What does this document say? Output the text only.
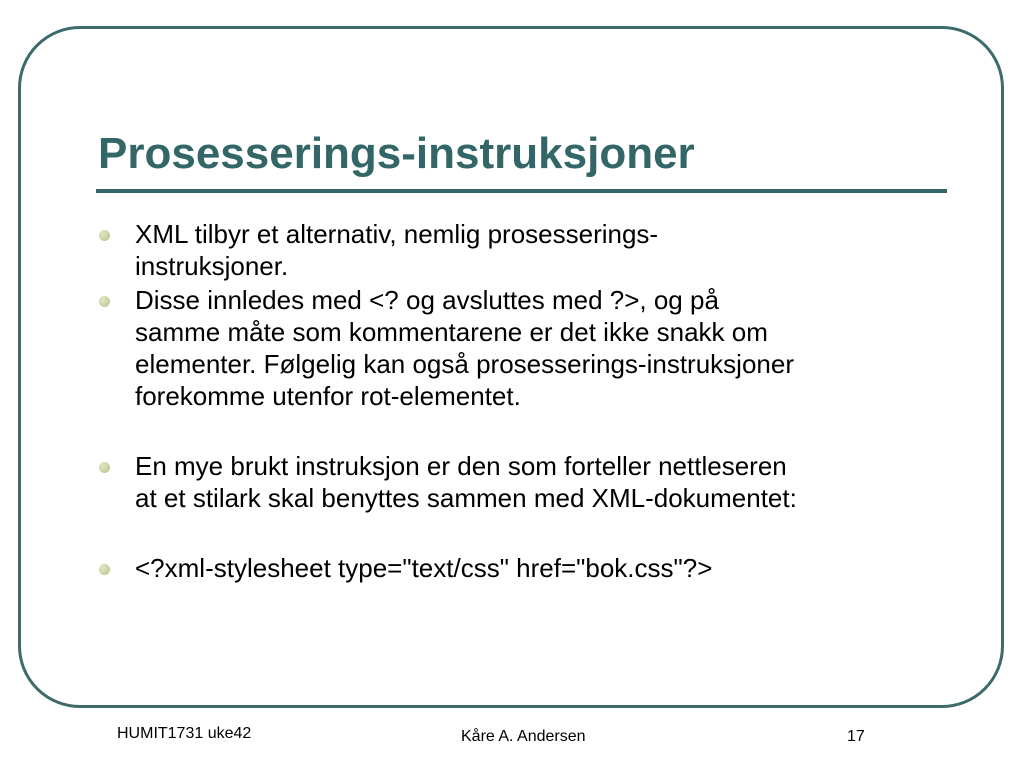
Prosesserings-instruksjoner
XML tilbyr et alternativ, nemlig prosesserings-
instruksjoner.
Disse innledes med <? og avsluttes med ?>, og på
samme måte som kommentarene er det ikke snakk om
elementer. Følgelig kan også prosesserings-instruksjoner
forekomme utenfor rot-elementet.
En mye brukt instruksjon er den som forteller nettleseren
at et stilark skal benyttes sammen med XML-dokumentet:
<?xml-stylesheet type="text/css" href="bok.css"?>
HUMIT1731 uke42	Kåre A. Andersen	17
